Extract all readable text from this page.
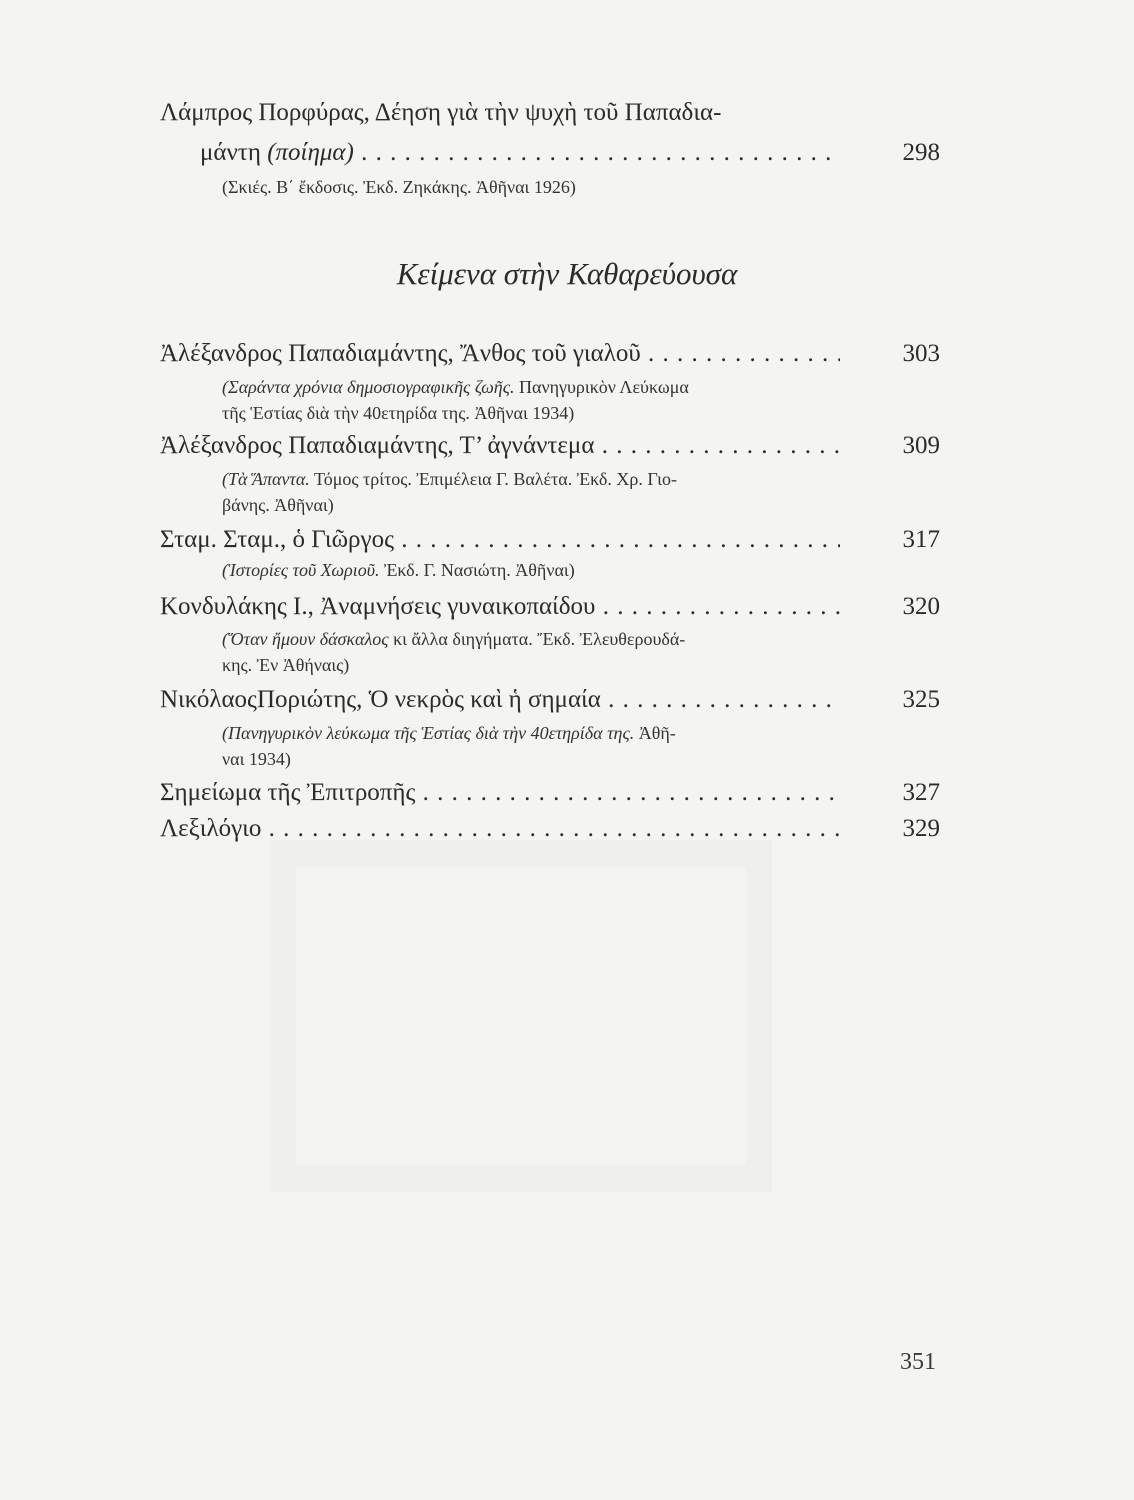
Λάμπρος Πορφύρας, Δέηση γιὰ τὴν ψυχὴ τοῦ Παπαδια-
μάντη (ποίημα) . . .	298
(Σκιές. Β΄ ἔκδοσις. Ἐκδ. Ζηκάκης. Ἀθῆναι 1926)
Κείμενα στὴν Καθαρεύουσα
Ἀλέξανδρος Παπαδιαμάντης, Ἄνθος τοῦ γιαλοῦ . . .	303
(Σαράντα χρόνια δημοσιογραφικῆς ζωῆς. Πανηγυρικὸν Λεύκωμα
τῆς Ἑστίας διὰ τὴν 40ετηρίδα της. Ἀθῆναι 1934)
Ἀλέξανδρος Παπαδιαμάντης, Τ’ ἀγνάντεμα . . .	309
(Τὰ Ἅπαντα. Τόμος τρίτος. Ἐπιμέλεια Γ. Βαλέτα. Ἐκδ. Χρ. Γιο-
βάνης. Ἀθῆναι)
Σταμ. Σταμ., ὁ Γιῶργος . . .	317
(Ἱστορίες τοῦ Χωριοῦ. Ἐκδ. Γ. Νασιώτη. Ἀθῆναι)
Κονδυλάκης Ι., Ἀναμνήσεις γυναικοπαίδου . . .	320
(Ὅταν ἤμουν δάσκαλος κι ἄλλα διηγήματα. Ἔκδ. Ἐλευθερουδά-
κης. Ἐν Ἀθήναις)
ΝικόλαοςΠοριώτης, Ὁ νεκρὸς καὶ ἡ σημαία . . .	325
(Πανηγυρικὸν λεύκωμα τῆς Ἑστίας διὰ τὴν 40ετηρίδα της. Ἀθῆ-
ναι 1934)
Σημείωμα τῆς Ἐπιτροπῆς . . .	327
Λεξιλόγιο . . .	329
351
